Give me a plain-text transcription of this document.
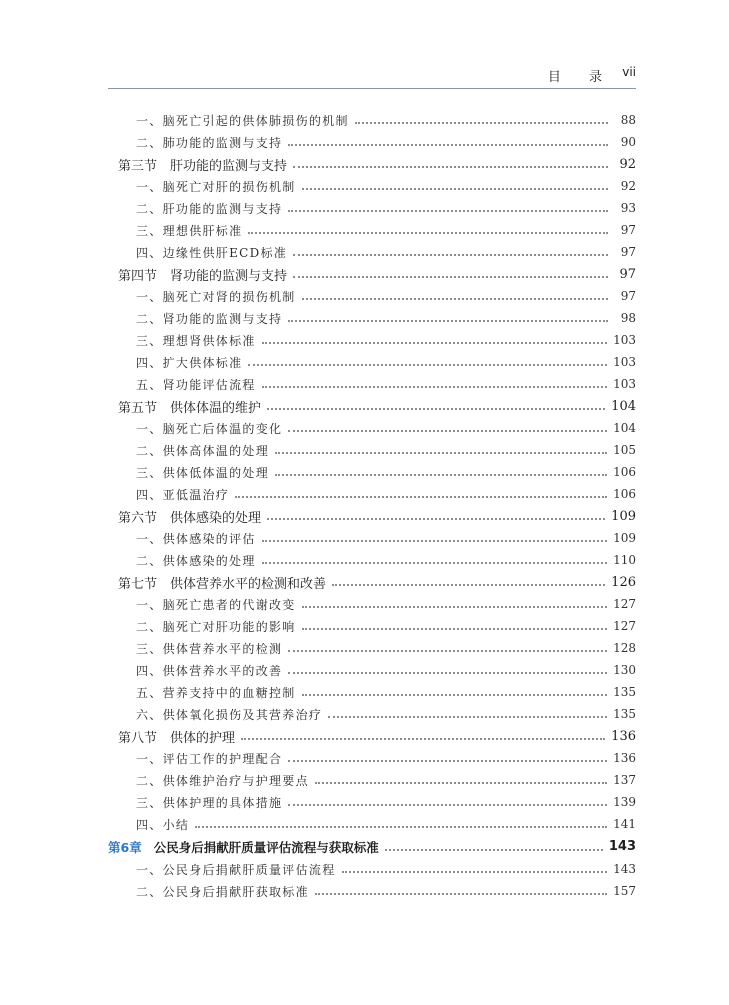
目 录 vii
一、脑死亡引起的供体肺损伤的机制	88
二、肺功能的监测与支持	90
第三节　肝功能的监测与支持	92
一、脑死亡对肝的损伤机制	92
二、肝功能的监测与支持	93
三、理想供肝标准	97
四、边缘性供肝ECD标准	97
第四节　肾功能的监测与支持	97
一、脑死亡对肾的损伤机制	97
二、肾功能的监测与支持	98
三、理想肾供体标准	103
四、扩大供体标准	103
五、肾功能评估流程	103
第五节　供体体温的维护	104
一、脑死亡后体温的变化	104
二、供体高体温的处理	105
三、供体低体温的处理	106
四、亚低温治疗	106
第六节　供体感染的处理	109
一、供体感染的评估	109
二、供体感染的处理	110
第七节　供体营养水平的检测和改善	126
一、脑死亡患者的代谢改变	127
二、脑死亡对肝功能的影响	127
三、供体营养水平的检测	128
四、供体营养水平的改善	130
五、营养支持中的血糖控制	135
六、供体氧化损伤及其营养治疗	135
第八节　供体的护理	136
一、评估工作的护理配合	136
二、供体维护治疗与护理要点	137
三、供体护理的具体措施	139
四、小结	141
第6章 公民身后捐献肝质量评估流程与获取标准	143
一、公民身后捐献肝质量评估流程	143
二、公民身后捐献肝获取标准	157
